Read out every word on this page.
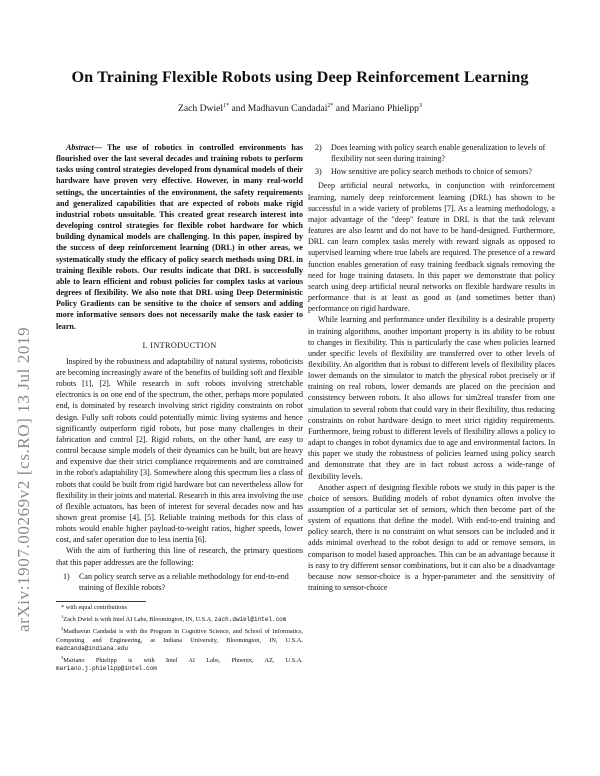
arXiv:1907.00269v2 [cs.RO] 13 Jul 2019
On Training Flexible Robots using Deep Reinforcement Learning
Zach Dwiel$^{1*}$ and Madhavun Candadai$^{2*}$ and Mariano Phielipp$^3$

Abstract— The use of robotics in controlled environments has flourished over the last several decades and training robots to perform tasks using control strategies developed from dynamical models of their hardware have proven very effective. However, in many real-world settings, the uncertainties of the environment, the safety requirements and generalized capabilities that are expected of robots make rigid industrial robots unsuitable. This created great research interest into developing control strategies for flexible robot hardware for which building dynamical models are challenging. In this paper, inspired by the success of deep reinforcement learning (DRL) in other areas, we systematically study the efficacy of policy search methods using DRL in training flexible robots. Our results indicate that DRL is successfully able to learn efficient and robust policies for complex tasks at various degrees of flexibility. We also note that DRL using Deep Deterministic Policy Gradients can be sensitive to the choice of sensors and adding more informative sensors does not necessarily make the task easier to learn.

I. INTRODUCTION

Inspired by the robustness and adaptability of natural systems, roboticists are becoming increasingly aware of the benefits of building soft and flexible robots [1], [2]. While research in soft robots involving stretchable electronics is on one end of the spectrum, the other, perhaps more populated end, is dominated by research involving strict rigidity constraints on robot design. Fully soft robots could potentially mimic living systems and hence significantly outperform rigid robots, but pose many challenges in their fabrication and control [2]. Rigid robots, on the other hand, are easy to control because simple models of their dynamics can be built, but are heavy and expensive due their strict compliance requirements and are constrained in the robot's adaptability [3]. Somewhere along this spectrum lies a class of robots that could be built from rigid hardware but can nevertheless allow for flexibility in their joints and material. Research in this area involving the use of flexible actuators, has been of interest for several decades now and has shown great promise [4], [5]. Reliable training methods for this class of robots would enable higher payload-to-weight ratios, higher speeds, lower cost, and safer operation due to less inertia [6].

With the aim of furthering this line of research, the primary questions that this paper addresses are the following:

1) Can policy search serve as a reliable methodology for end-to-end training of flexible robots?

* with equal contributions

$^1$Zach Dwiel is with Intel AI Labs, Bloomington, IN, U.S.A. zach.dwiel@intel.com

$^2$Madhavun Candadai is with the Program in Cognitive Science, and School of Informatics, Computing and Engineering, at Indiana University, Bloomington, IN, U.S.A. madcanda@indiana.edu

$^3$Mariano Phielipp is with Intel AI Labs, Phoenix, AZ, U.S.A. mariano.j.phielipp@intel.com

2) Does learning with policy search enable generalization to levels of flexibility not seen during training?
3) How sensitive are policy search methods to choice of sensors?

Deep artificial neural networks, in conjunction with reinforcement learning, namely deep reinforcement learning (DRL) has shown to be successful in a wide variety of problems [7]. As a learning methodology, a major advantage of the "deep" feature in DRL is that the task relevant features are also learnt and do not have to be hand-designed. Furthermore, DRL can learn complex tasks merely with reward signals as opposed to supervised learning where true labels are required. The presence of a reward function enables generation of easy training feedback signals removing the need for huge training datasets. In this paper we demonstrate that policy search using deep artificial neural networks on flexible hardware results in performance that is at least as good as (and sometimes better than) performance on rigid hardware.

While learning and performance under flexibility is a desirable property in training algorithms, another important property is its ability to be robust to changes in flexibility. This is particularly the case when policies learned under specific levels of flexibility are transferred over to other levels of flexibility. An algorithm that is robust to different levels of flexibility places lower demands on the simulator to match the physical robot precisely or if training on real robots, lower demands are placed on the precision and consistency between robots. It also allows for sim2real transfer from one simulation to several robots that could vary in their flexibility, thus reducing constraints on robot hardware design to meet strict rigidity requirements. Furthermore, being robust to different levels of flexibility allows a policy to adapt to changes in robot dynamics due to age and environmental factors. In this paper we study the robustness of policies learned using policy search and demonstrate that they are in fact robust across a wide-range of flexibility levels.

Another aspect of designing flexible robots we study in this paper is the choice of sensors. Building models of robot dynamics often involve the assumption of a particular set of sensors, which then become part of the system of equations that define the model. With end-to-end training and policy search, there is no constraint on what sensors can be included and it adds minimal overhead to the robot design to add or remove sensors, in comparison to model based approaches. This can be an advantage because it is easy to try different sensor combinations, but it can also be a disadvantage because now sensor-choice is a hyper-parameter and the sensitivity of training to sensor-choice
